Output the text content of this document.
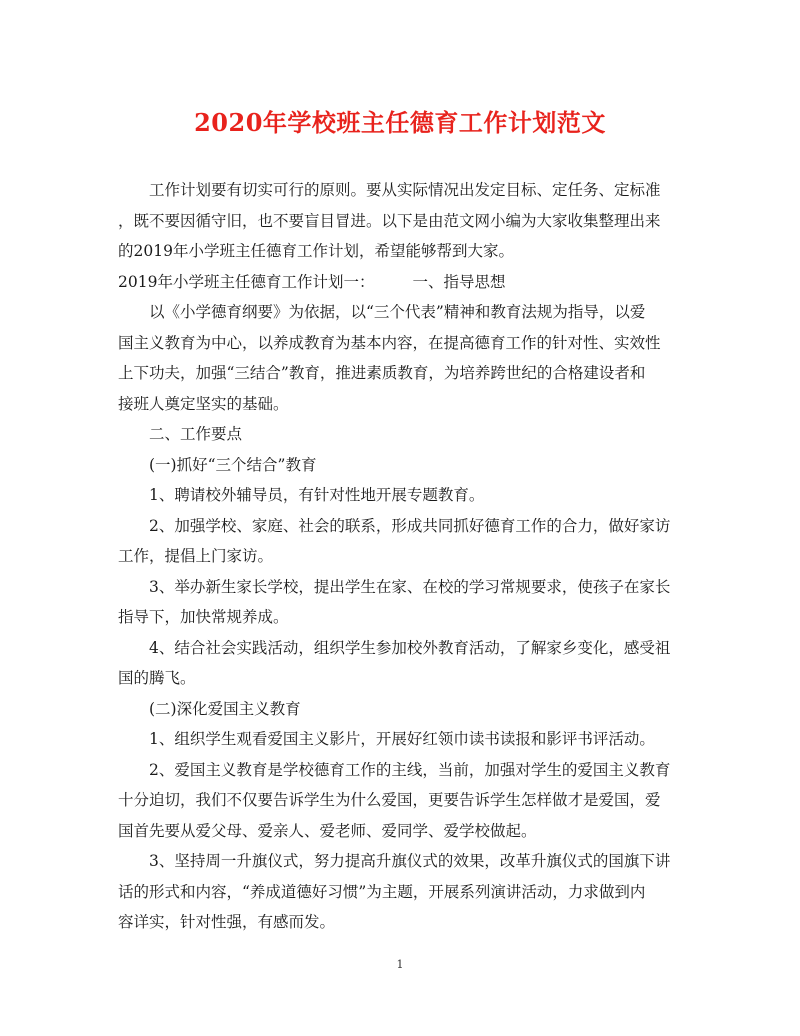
2020年学校班主任德育工作计划范文
工作计划要有切实可行的原则。要从实际情况出发定目标、定任务、定标准
，既不要因循守旧，也不要盲目冒进。以下是由范文网小编为大家收集整理出来
的2019年小学班主任德育工作计划，希望能够帮到大家。
2019年小学班主任德育工作计划一： 一、指导思想
以《小学德育纲要》为依据，以“三个代表”精神和教育法规为指导，以爱
国主义教育为中心，以养成教育为基本内容，在提高德育工作的针对性、实效性
上下功夫，加强“三结合”教育，推进素质教育，为培养跨世纪的合格建设者和
接班人奠定坚实的基础。
二、工作要点
(一)抓好“三个结合”教育
1、聘请校外辅导员，有针对性地开展专题教育。
2、加强学校、家庭、社会的联系，形成共同抓好德育工作的合力，做好家访
工作，提倡上门家访。
3、举办新生家长学校，提出学生在家、在校的学习常规要求，使孩子在家长
指导下，加快常规养成。
4、结合社会实践活动，组织学生参加校外教育活动，了解家乡变化，感受祖
国的腾飞。
(二)深化爱国主义教育
1、组织学生观看爱国主义影片，开展好红领巾读书读报和影评书评活动。
2、爱国主义教育是学校德育工作的主线，当前，加强对学生的爱国主义教育
十分迫切，我们不仅要告诉学生为什么爱国，更要告诉学生怎样做才是爱国，爱
国首先要从爱父母、爱亲人、爱老师、爱同学、爱学校做起。
3、坚持周一升旗仪式，努力提高升旗仪式的效果，改革升旗仪式的国旗下讲
话的形式和内容，“养成道德好习惯”为主题，开展系列演讲活动，力求做到内
容详实，针对性强，有感而发。
1
